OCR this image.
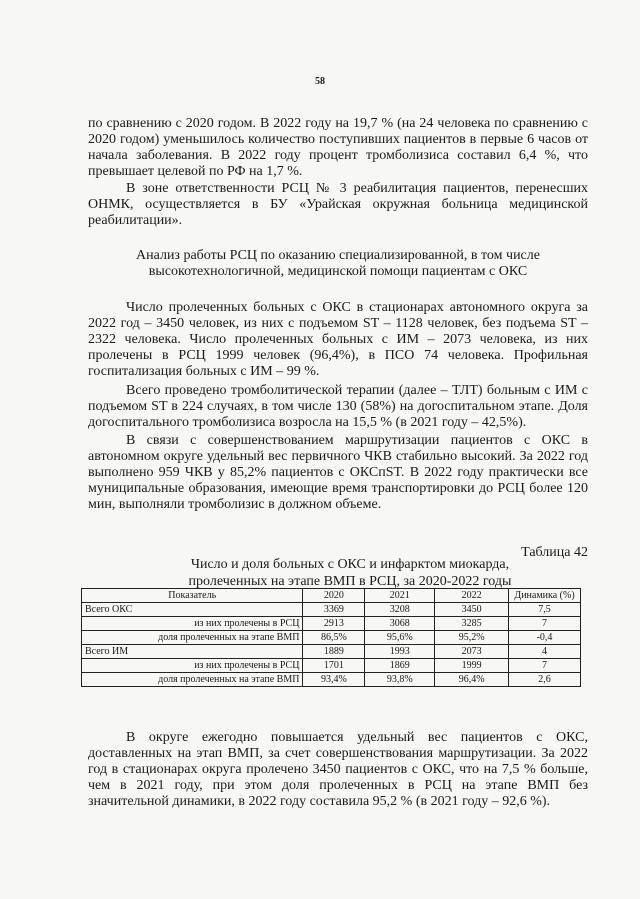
58

по сравнению с 2020 годом. В 2022 году на 19,7 % (на 24 человека по сравнению с 2020 годом) уменьшилось количество поступивших пациентов в первые 6 часов от начала заболевания. В 2022 году процент тромболизиса составил 6,4 %, что превышает целевой по РФ на 1,7 %.

В зоне ответственности РСЦ № 3 реабилитация пациентов, перенесших ОНМК, осуществляется в БУ «Урайская окружная больница медицинской реабилитации».

Анализ работы РСЦ по оказанию специализированной, в том числе высокотехнологичной, медицинской помощи пациентам с ОКС

Число пролеченных больных с ОКС в стационарах автономного округа за 2022 год – 3450 человек, из них с подъемом ST – 1128 человек, без подъема ST – 2322 человека. Число пролеченных больных с ИМ – 2073 человека, из них пролечены в РСЦ 1999 человек (96,4%), в ПСО 74 человека. Профильная госпитализация больных с ИМ – 99 %.

Всего проведено тромболитической терапии (далее – ТЛТ) больным с ИМ с подъемом ST в 224 случаях, в том числе 130 (58%) на догоспитальном этапе. Доля догоспитального тромболизиса возросла на 15,5 % (в 2021 году – 42,5%).

В связи с совершенствованием маршрутизации пациентов с ОКС в автономном округе удельный вес первичного ЧКВ стабильно высокий. За 2022 год выполнено 959 ЧКВ у 85,2% пациентов с ОКСпST. В 2022 году практически все муниципальные образования, имеющие время транспортировки до РСЦ более 120 мин, выполняли тромболизис в должном объеме.

Таблица 42
Число и доля больных с ОКС и инфарктом миокарда, пролеченных на этапе ВМП в РСЦ, за 2020-2022 годы
Показатель	2020	2021	2022	Динамика (%)
Всего ОКС	3369	3208	3450	7,5
из них пролечены в РСЦ	2913	3068	3285	7
доля пролеченных на этапе ВМП	86,5%	95,6%	95,2%	-0,4
Всего ИМ	1889	1993	2073	4
из них пролечены в РСЦ	1701	1869	1999	7
доля пролеченных на этапе ВМП	93,4%	93,8%	96,4%	2,6

В округе ежегодно повышается удельный вес пациентов с ОКС, доставленных на этап ВМП, за счет совершенствования маршрутизации. За 2022 год в стационарах округа пролечено 3450 пациентов с ОКС, что на 7,5 % больше, чем в 2021 году, при этом доля пролеченных в РСЦ на этапе ВМП без значительной динамики, в 2022 году составила 95,2 % (в 2021 году – 92,6 %).
